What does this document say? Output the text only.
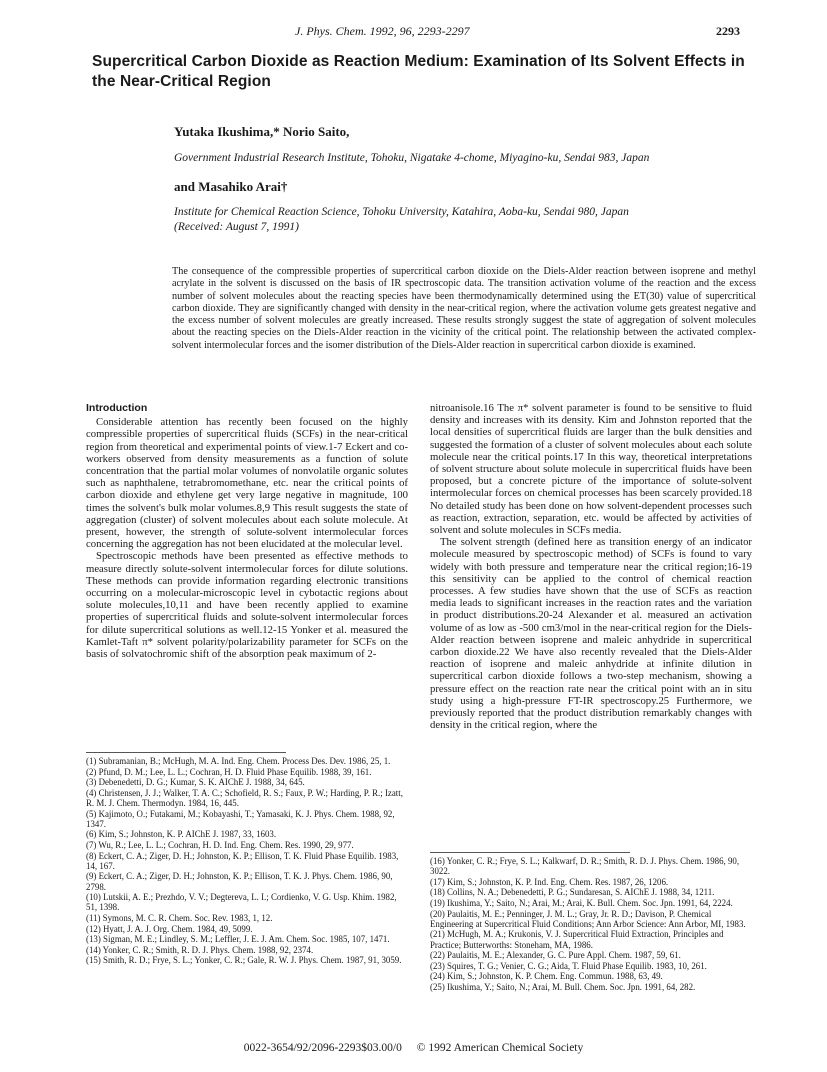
J. Phys. Chem. 1992, 96, 2293-2297	2293
Supercritical Carbon Dioxide as Reaction Medium: Examination of Its Solvent Effects in the Near-Critical Region
Yutaka Ikushima,* Norio Saito,
Government Industrial Research Institute, Tohoku, Nigatake 4-chome, Miyagino-ku, Sendai 983, Japan
and Masahiko Arai†
Institute for Chemical Reaction Science, Tohoku University, Katahira, Aoba-ku, Sendai 980, Japan
(Received: August 7, 1991)
The consequence of the compressible properties of supercritical carbon dioxide on the Diels-Alder reaction between isoprene and methyl acrylate in the solvent is discussed on the basis of IR spectroscopic data. The transition activation volume of the reaction and the excess number of solvent molecules about the reacting species have been thermodynamically determined using the ET(30) value of supercritical carbon dioxide. They are significantly changed with density in the near-critical region, where the activation volume gets greatest negative and the excess number of solvent molecules are greatly increased. These results strongly suggest the state of aggregation of solvent molecules about the reacting species on the Diels-Alder reaction in the vicinity of the critical point. The relationship between the activated complex-solvent intermolecular forces and the isomer distribution of the Diels-Alder reaction in supercritical carbon dioxide is examined.
Introduction

Considerable attention has recently been focused on the highly compressible properties of supercritical fluids (SCFs) in the near-critical region from theoretical and experimental points of view.1-7 Eckert and co-workers observed from density measurements as a function of solute concentration that the partial molar volumes of nonvolatile organic solutes such as naphthalene, tetrabromomethane, etc. near the critical points of carbon dioxide and ethylene get very large negative in magnitude, 100 times the solvent's bulk molar volumes.8,9 This result suggests the state of aggregation (cluster) of solvent molecules about each solute molecule. At present, however, the strength of solute-solvent intermolecular forces concerning the aggregation has not been elucidated at the molecular level.

Spectroscopic methods have been presented as effective methods to measure directly solute-solvent intermolecular forces for dilute solutions. These methods can provide information regarding electronic transitions occurring on a molecular-microscopic level in cybotactic regions about solute molecules,10,11 and have been recently applied to examine properties of supercritical fluids and solute-solvent intermolecular forces for dilute supercritical solutions as well.12-15 Yonker et al. measured the Kamlet-Taft π* solvent polarity/polarizability parameter for SCFs on the basis of solvatochromic shift of the absorption peak maximum of 2-

nitroanisole.16 The π* solvent parameter is found to be sensitive to fluid density and increases with its density. Kim and Johnston reported that the local densities of supercritical fluids are larger than the bulk densities and suggested the formation of a cluster of solvent molecules about each solute molecule near the critical points.17 In this way, theoretical interpretations of solvent structure about solute molecule in supercritical fluids have been proposed, but a concrete picture of the importance of solute-solvent intermolecular forces on chemical processes has been scarcely provided.18 No detailed study has been done on how solvent-dependent processes such as reaction, extraction, separation, etc. would be affected by activities of solvent and solute molecules in SCFs media.

The solvent strength (defined here as transition energy of an indicator molecule measured by spectroscopic method) of SCFs is found to vary widely with both pressure and temperature near the critical region;16-19 this sensitivity can be applied to the control of chemical reaction processes. A few studies have shown that the use of SCFs as reaction media leads to significant increases in the reaction rates and the variation in product distributions.20-24 Alexander et al. measured an activation volume of as low as -500 cm3/mol in the near-critical region for the Diels-Alder reaction between isoprene and maleic anhydride in supercritical carbon dioxide.22 We have also recently revealed that the Diels-Alder reaction of isoprene and maleic anhydride at infinite dilution in supercritical carbon dioxide follows a two-step mechanism, showing a pressure effect on the reaction rate near the critical point with an in situ study using a high-pressure FT-IR spectroscopy.25 Furthermore, we previously reported that the product distribution remarkably changes with density in the critical region, where the

(1) Subramanian, B.; McHugh, M. A. Ind. Eng. Chem. Process Des. Dev. 1986, 25, 1.
(2) Pfund, D. M.; Lee, L. L.; Cochran, H. D. Fluid Phase Equilib. 1988, 39, 161.
(3) Debenedetti, D. G.; Kumar, S. K. AIChE J. 1988, 34, 645.
(4) Christensen, J. J.; Walker, T. A. C.; Schofield, R. S.; Faux, P. W.; Harding, P. R.; Izatt, R. M. J. Chem. Thermodyn. 1984, 16, 445.
(5) Kajimoto, O.; Futakami, M.; Kobayashi, T.; Yamasaki, K. J. Phys. Chem. 1988, 92, 1347.
(6) Kim, S.; Johnston, K. P. AIChE J. 1987, 33, 1603.
(7) Wu, R.; Lee, L. L.; Cochran, H. D. Ind. Eng. Chem. Res. 1990, 29, 977.
(8) Eckert, C. A.; Ziger, D. H.; Johnston, K. P.; Ellison, T. K. Fluid Phase Equilib. 1983, 14, 167.
(9) Eckert, C. A.; Ziger, D. H.; Johnston, K. P.; Ellison, T. K. J. Phys. Chem. 1986, 90, 2798.
(10) Lutskii, A. E.; Prezhdo, V. V.; Degtereva, L. I.; Cordienko, V. G. Usp. Khim. 1982, 51, 1398.
(11) Symons, M. C. R. Chem. Soc. Rev. 1983, 1, 12.
(12) Hyatt, J. A. J. Org. Chem. 1984, 49, 5099.
(13) Sigman, M. E.; Lindley, S. M.; Leffler, J. E. J. Am. Chem. Soc. 1985, 107, 1471.
(14) Yonker, C. R.; Smith, R. D. J. Phys. Chem. 1988, 92, 2374.
(15) Smith, R. D.; Frye, S. L.; Yonker, C. R.; Gale, R. W. J. Phys. Chem. 1987, 91, 3059.
(16) Yonker, C. R.; Frye, S. L.; Kalkwarf, D. R.; Smith, R. D. J. Phys. Chem. 1986, 90, 3022.
(17) Kim, S.; Johnston, K. P. Ind. Eng. Chem. Res. 1987, 26, 1206.
(18) Collins, N. A.; Debenedetti, P. G.; Sundaresan, S. AIChE J. 1988, 34, 1211.
(19) Ikushima, Y.; Saito, N.; Arai, M.; Arai, K. Bull. Chem. Soc. Jpn. 1991, 64, 2224.
(20) Paulaitis, M. E.; Penninger, J. M. L.; Gray, Jr. R. D.; Davison, P. Chemical Engineering at Supercritical Fluid Conditions; Ann Arbor Science: Ann Arbor, MI, 1983.
(21) McHugh, M. A.; Krukonis, V. J. Supercritical Fluid Extraction, Principles and Practice; Butterworths: Stoneham, MA, 1986.
(22) Paulaitis, M. E.; Alexander, G. C. Pure Appl. Chem. 1987, 59, 61.
(23) Squires, T. G.; Venier, C. G.; Aida, T. Fluid Phase Equilib. 1983, 10, 261.
(24) Kim, S.; Johnston, K. P. Chem. Eng. Commun. 1988, 63, 49.
(25) Ikushima, Y.; Saito, N.; Arai, M. Bull. Chem. Soc. Jpn. 1991, 64, 282.
0022-3654/92/2096-2293$03.00/0 © 1992 American Chemical Society
